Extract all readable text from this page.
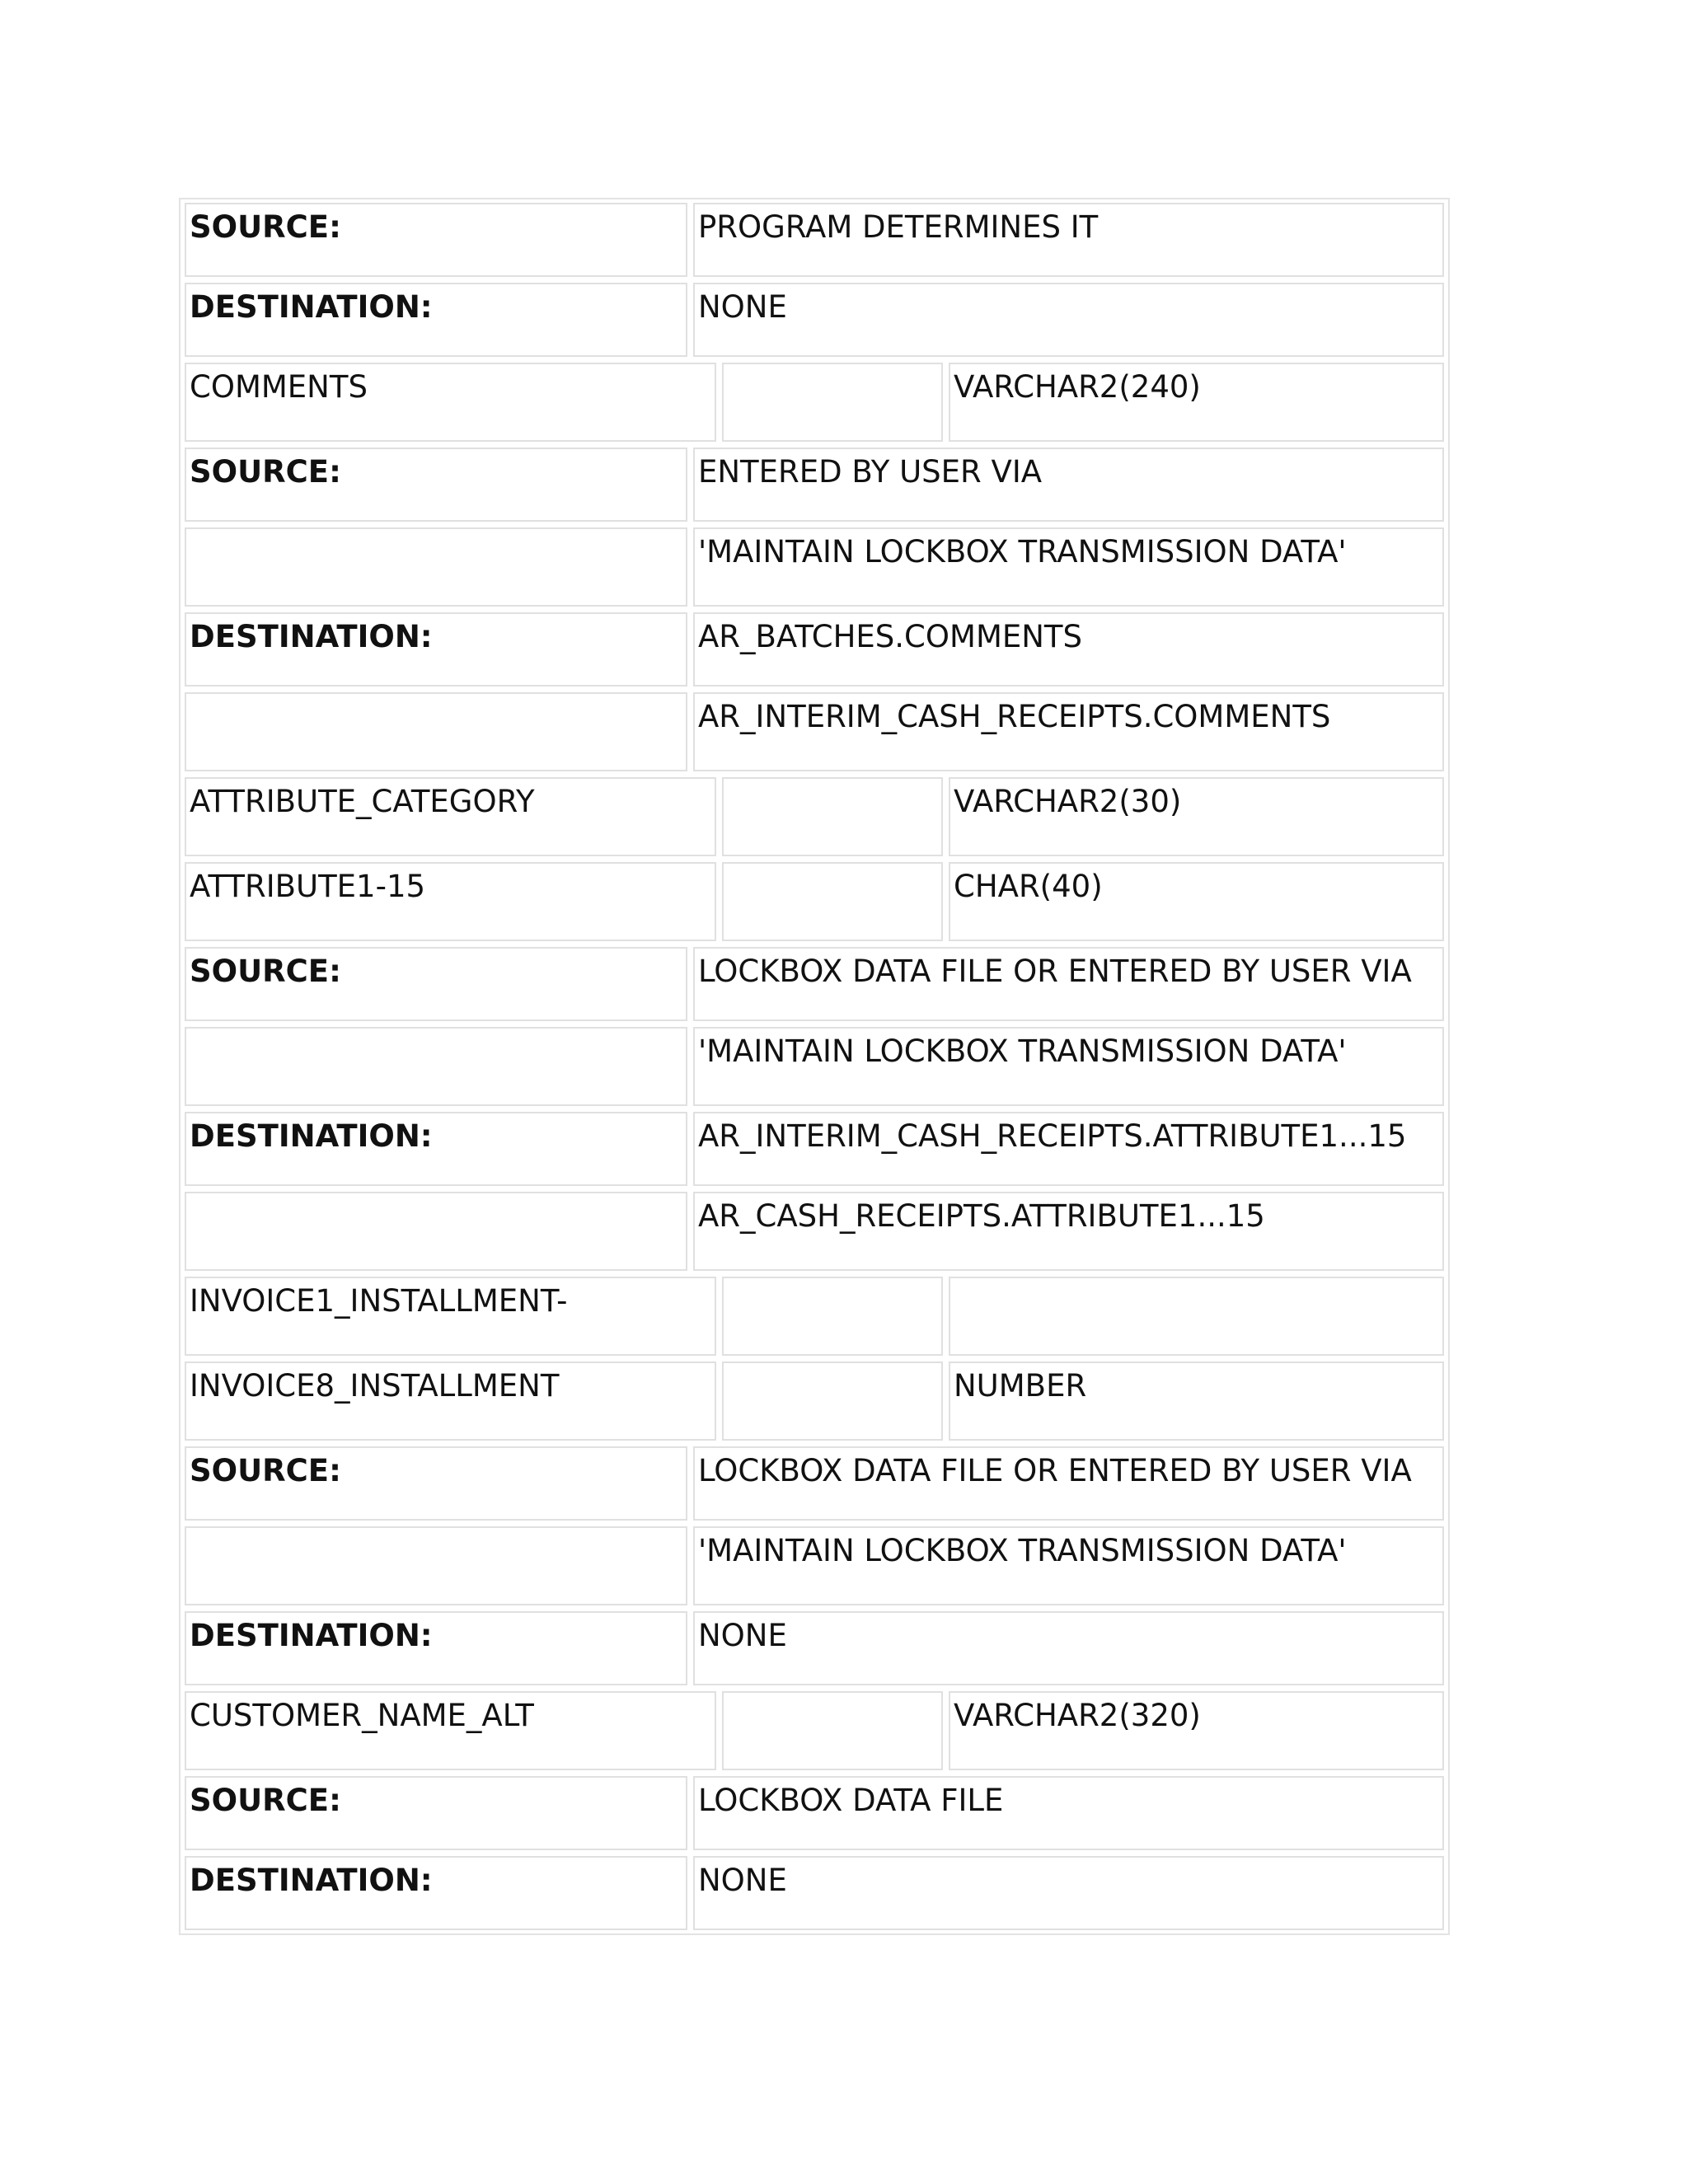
SOURCE:	PROGRAM DETERMINES IT
DESTINATION:	NONE
COMMENTS	VARCHAR2(240)
SOURCE:	ENTERED BY USER VIA
'MAINTAIN LOCKBOX TRANSMISSION DATA'
DESTINATION:	AR_BATCHES.COMMENTS
AR_INTERIM_CASH_RECEIPTS.COMMENTS
ATTRIBUTE_CATEGORY	VARCHAR2(30)
ATTRIBUTE1-15	CHAR(40)
SOURCE:	LOCKBOX DATA FILE OR ENTERED BY USER VIA
'MAINTAIN LOCKBOX TRANSMISSION DATA'
DESTINATION:	AR_INTERIM_CASH_RECEIPTS.ATTRIBUTE1...15
AR_CASH_RECEIPTS.ATTRIBUTE1...15
INVOICE1_INSTALLMENT-
INVOICE8_INSTALLMENT	NUMBER
SOURCE:	LOCKBOX DATA FILE OR ENTERED BY USER VIA
'MAINTAIN LOCKBOX TRANSMISSION DATA'
DESTINATION:	NONE
CUSTOMER_NAME_ALT	VARCHAR2(320)
SOURCE:	LOCKBOX DATA FILE
DESTINATION:	NONE
